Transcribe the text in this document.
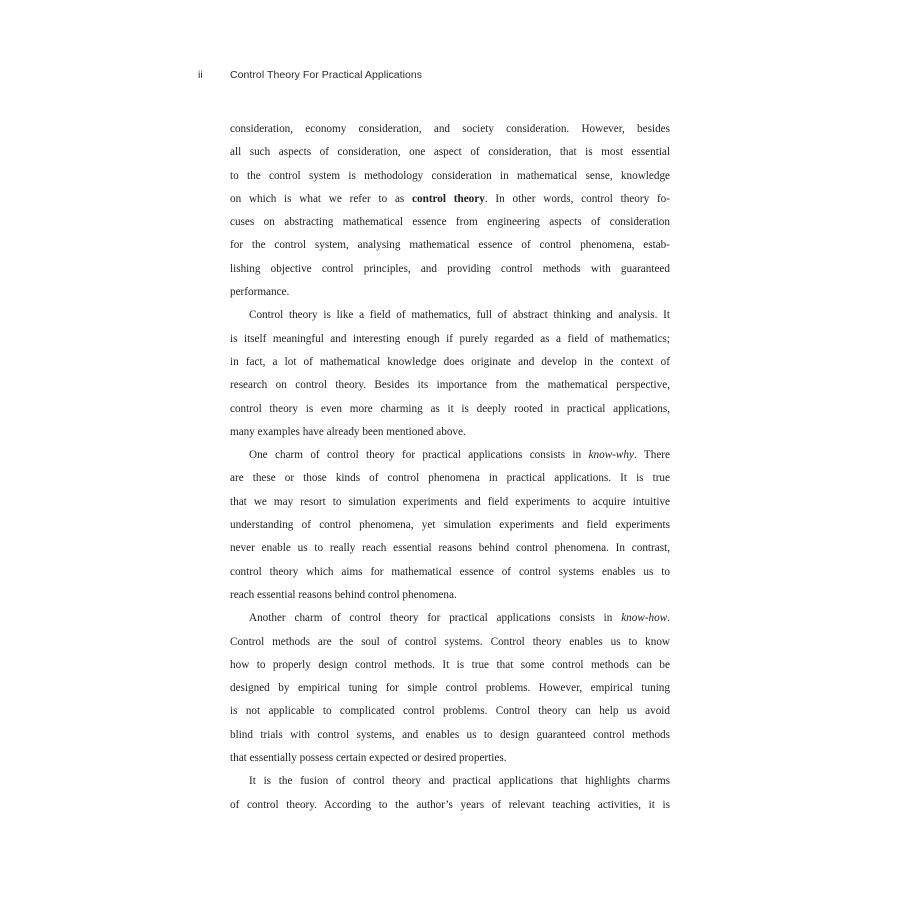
ii	Control Theory For Practical Applications
consideration, economy consideration, and society consideration. However, besides
all such aspects of consideration, one aspect of consideration, that is most essential
to the control system is methodology consideration in mathematical sense, knowledge
on which is what we refer to as control theory. In other words, control theory fo-
cuses on abstracting mathematical essence from engineering aspects of consideration
for the control system, analysing mathematical essence of control phenomena, estab-
lishing objective control principles, and providing control methods with guaranteed
performance.
Control theory is like a field of mathematics, full of abstract thinking and analysis. It
is itself meaningful and interesting enough if purely regarded as a field of mathematics;
in fact, a lot of mathematical knowledge does originate and develop in the context of
research on control theory. Besides its importance from the mathematical perspective,
control theory is even more charming as it is deeply rooted in practical applications,
many examples have already been mentioned above.
One charm of control theory for practical applications consists in know-why. There
are these or those kinds of control phenomena in practical applications. It is true
that we may resort to simulation experiments and field experiments to acquire intuitive
understanding of control phenomena, yet simulation experiments and field experiments
never enable us to really reach essential reasons behind control phenomena. In contrast,
control theory which aims for mathematical essence of control systems enables us to
reach essential reasons behind control phenomena.
Another charm of control theory for practical applications consists in know-how.
Control methods are the soul of control systems. Control theory enables us to know
how to properly design control methods. It is true that some control methods can be
designed by empirical tuning for simple control problems. However, empirical tuning
is not applicable to complicated control problems. Control theory can help us avoid
blind trials with control systems, and enables us to design guaranteed control methods
that essentially possess certain expected or desired properties.
It is the fusion of control theory and practical applications that highlights charms
of control theory. According to the author’s years of relevant teaching activities, it is
